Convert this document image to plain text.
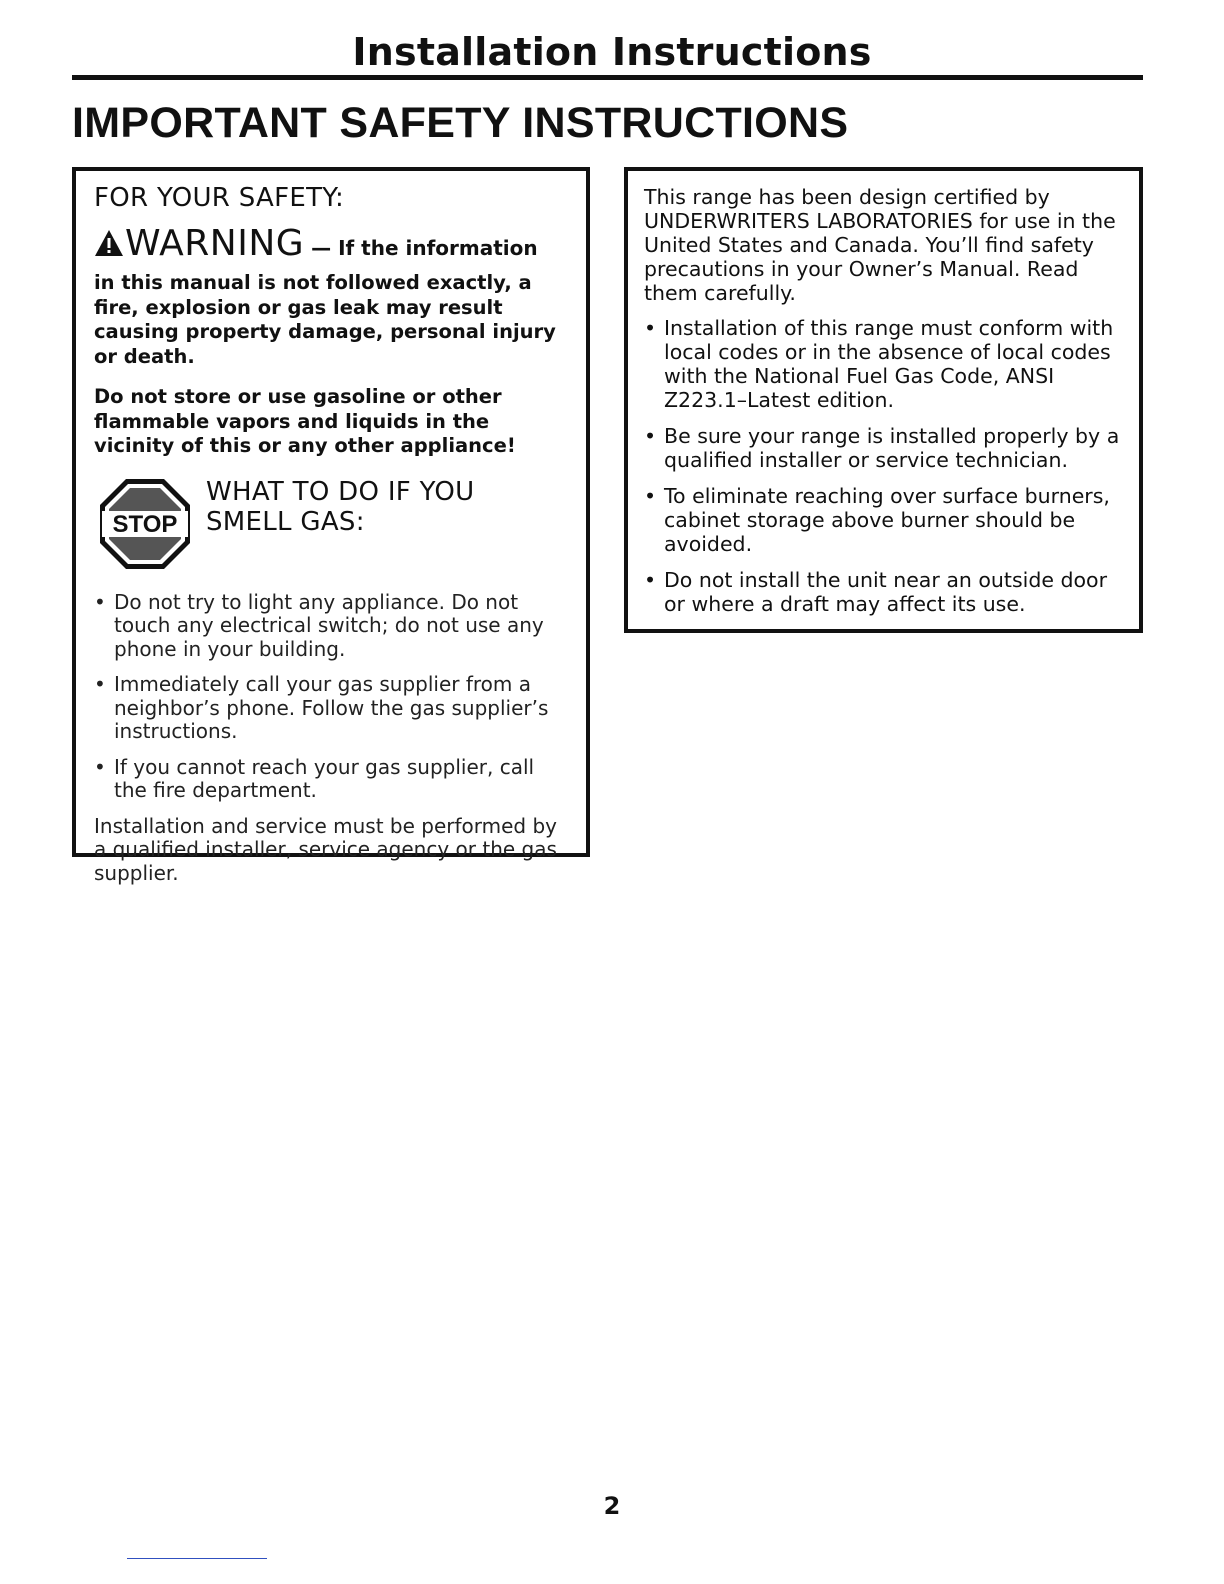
Installation Instructions
IMPORTANT SAFETY INSTRUCTIONS
FOR YOUR SAFETY:
WARNING — If the information

in this manual is not followed exactly, a fire, explosion or gas leak may result causing property damage, personal injury or death.

Do not store or use gasoline or other flammable vapors and liquids in the vicinity of this or any other appliance!

STOP
WHAT TO DO IF YOU
SMELL GAS:
• Do not try to light any appliance. Do not touch any electrical switch; do not use any phone in your building.
• Immediately call your gas supplier from a neighbor’s phone. Follow the gas supplier’s instructions.
• If you cannot reach your gas supplier, call the fire department.

Installation and service must be performed by a qualified installer, service agency or the gas supplier.

This range has been design certified by UNDERWRITERS LABORATORIES for use in the United States and Canada. You’ll find safety precautions in your Owner’s Manual. Read them carefully.

• Installation of this range must conform with local codes or in the absence of local codes with the National Fuel Gas Code, ANSI Z223.1–Latest edition.
• Be sure your range is installed properly by a qualified installer or service technician.
• To eliminate reaching over surface burners, cabinet storage above burner should be avoided.
• Do not install the unit near an outside door or where a draft may affect its use.
2
